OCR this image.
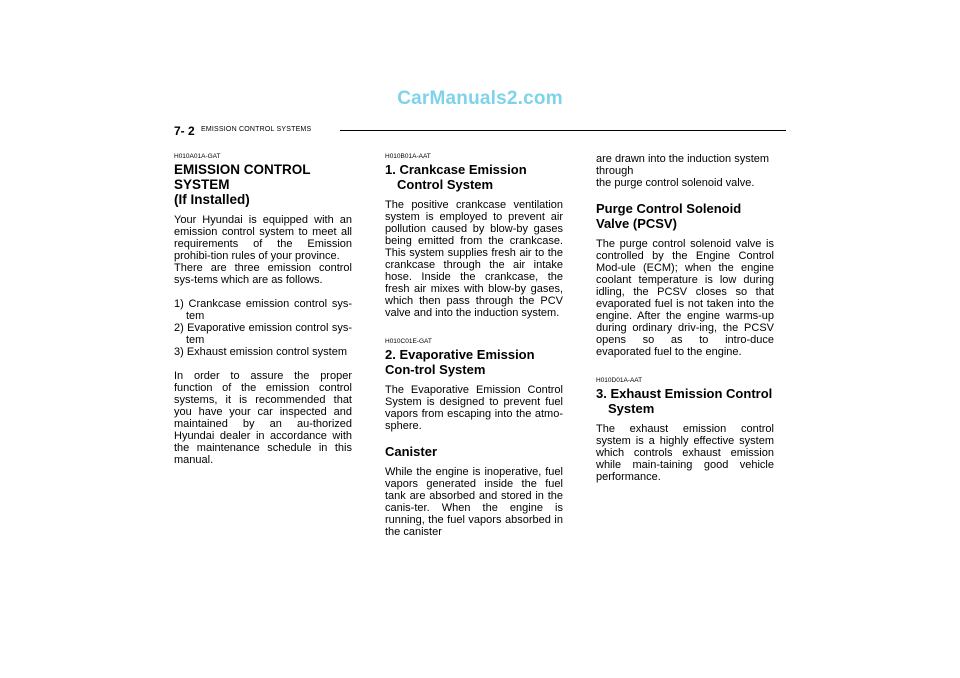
CarManuals2.com
7- 2 EMISSION CONTROL SYSTEMS
H010A01A-GAT
EMISSION CONTROL SYSTEM
(If Installed)

Your Hyundai is equipped with an emission control system to meet all requirements of the Emission prohibi-tion rules of your province.

There are three emission control sys-tems which are as follows.

1) Crankcase emission control sys-tem

2) Evaporative emission control sys-tem

3) Exhaust emission control system

In order to assure the proper function of the emission control systems, it is recommended that you have your car inspected and maintained by an au-thorized Hyundai dealer in accordance with the maintenance schedule in this manual.

H010B01A-AAT
1. Crankcase Emission Control System

The positive crankcase ventilation system is employed to prevent air pollution caused by blow-by gases being emitted from the crankcase. This system supplies fresh air to the crankcase through the air intake hose. Inside the crankcase, the fresh air mixes with blow-by gases, which then pass through the PCV valve and into the induction system.

H010C01E-GAT
2. Evaporative Emission Con-trol System

The Evaporative Emission Control System is designed to prevent fuel vapors from escaping into the atmo-sphere.

Canister

While the engine is inoperative, fuel vapors generated inside the fuel tank are absorbed and stored in the canis-ter. When the engine is running, the fuel vapors absorbed in the canister

are drawn into the induction system
through
the purge control solenoid valve.
Purge Control Solenoid Valve (PCSV)

The purge control solenoid valve is controlled by the Engine Control Mod-ule (ECM); when the engine coolant temperature is low during idling, the PCSV closes so that evaporated fuel is not taken into the engine. After the engine warms-up during ordinary driv-ing, the PCSV opens so as to intro-duce evaporated fuel to the engine.

H010D01A-AAT
3. Exhaust Emission Control System

The exhaust emission control system is a highly effective system which controls exhaust emission while main-taining good vehicle performance.
